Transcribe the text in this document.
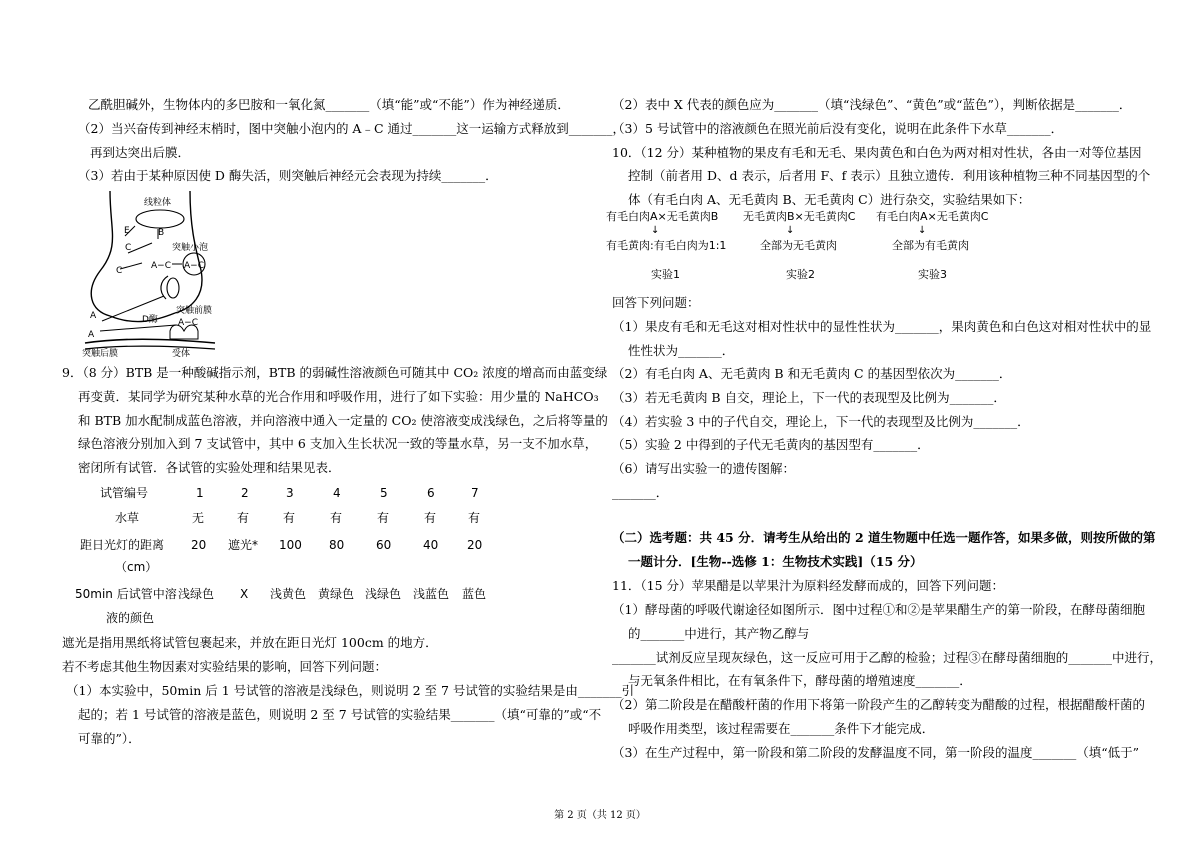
乙酰胆碱外，生物体内的多巴胺和一氧化氮_______（填“能”或“不能”）作为神经递质．
（2）当兴奋传到神经末梢时，图中突触小泡内的 A﹣C 通过_______这一运输方式释放到_______，
再到达突出后膜．
（3）若由于某种原因使 D 酶失活，则突触后神经元会表现为持续_______．
线粒体
E	B
突触小泡
C
A−C A−C
C
突触前膜
D酶
A
A−C
A
突触后膜	受体
9．（8 分）BTB 是一种酸碱指示剂，BTB 的弱碱性溶液颜色可随其中 CO₂ 浓度的增高而由蓝变绿
再变黄．某同学为研究某种水草的光合作用和呼吸作用，进行了如下实验：用少量的 NaHCO₃
和 BTB 加水配制成蓝色溶液，并向溶液中通入一定量的 CO₂ 使溶液变成浅绿色，之后将等量的
绿色溶液分别加入到 7 支试管中，其中 6 支加入生长状况一致的等量水草，另一支不加水草，
密闭所有试管．各试管的实验处理和结果见表．
试管编号	1	2	3	4	5	6	7
水草	无	有	有	有	有	有	有
距日光灯的距离 20 遮光* 100 80	60	40 20
（cm）
50min 后试管中溶 浅绿色 X 浅黄色 黄绿色 浅绿色 浅蓝色 蓝色
液的颜色
遮光是指用黑纸将试管包裹起来，并放在距日光灯 100cm 的地方．
若不考虑其他生物因素对实验结果的影响，回答下列问题：
（1）本实验中，50min 后 1 号试管的溶液是浅绿色，则说明 2 至 7 号试管的实验结果是由_______引
起的；若 1 号试管的溶液是蓝色，则说明 2 至 7 号试管的实验结果_______（填“可靠的”或“不
可靠的”）．
（2）表中 X 代表的颜色应为_______（填“浅绿色”、“黄色”或“蓝色”），判断依据是_______．
（3）5 号试管中的溶液颜色在照光前后没有变化，说明在此条件下水草_______．
10．（12 分）某种植物的果皮有毛和无毛、果肉黄色和白色为两对相对性状，各由一对等位基因
控制（前者用 D、d 表示，后者用 F、f 表示）且独立遗传．利用该种植物三种不同基因型的个
体（有毛白肉 A、无毛黄肉 B、无毛黄肉 C）进行杂交，实验结果如下：
有毛白肉A×无毛黄肉B
↓
有毛黄肉:有毛白肉为1:1
实验1
无毛黄肉B×无毛黄肉C
↓
全部为无毛黄肉
实验2
有毛白肉A×无毛黄肉C
↓
全部为有毛黄肉
实验3
回答下列问题：
（1）果皮有毛和无毛这对相对性状中的显性性状为_______，果肉黄色和白色这对相对性状中的显
性性状为_______．
（2）有毛白肉 A、无毛黄肉 B 和无毛黄肉 C 的基因型依次为_______．
（3）若无毛黄肉 B 自交，理论上，下一代的表现型及比例为_______．
（4）若实验 3 中的子代自交，理论上，下一代的表现型及比例为_______．
（5）实验 2 中得到的子代无毛黄肉的基因型有_______．
（6）请写出实验一的遗传图解：
_______．
（二）选考题：共 45 分．请考生从给出的 2 道生物题中任选一题作答，如果多做，则按所做的第
一题计分．[生物--选修 1：生物技术实践]（15 分）
11．（15 分）苹果醋是以苹果汁为原料经发酵而成的，回答下列问题：
（1）酵母菌的呼吸代谢途径如图所示．图中过程①和②是苹果醋生产的第一阶段，在酵母菌细胞
的_______中进行，其产物乙醇与
_______试剂反应呈现灰绿色，这一反应可用于乙醇的检验；过程③在酵母菌细胞的_______中进行，
与无氧条件相比，在有氧条件下，酵母菌的增殖速度_______．
（2）第二阶段是在醋酸杆菌的作用下将第一阶段产生的乙醇转变为醋酸的过程，根据醋酸杆菌的
呼吸作用类型，该过程需要在_______条件下才能完成．
（3）在生产过程中，第一阶段和第二阶段的发酵温度不同，第一阶段的温度_______（填“低于”
第 2 页（共 12 页）
